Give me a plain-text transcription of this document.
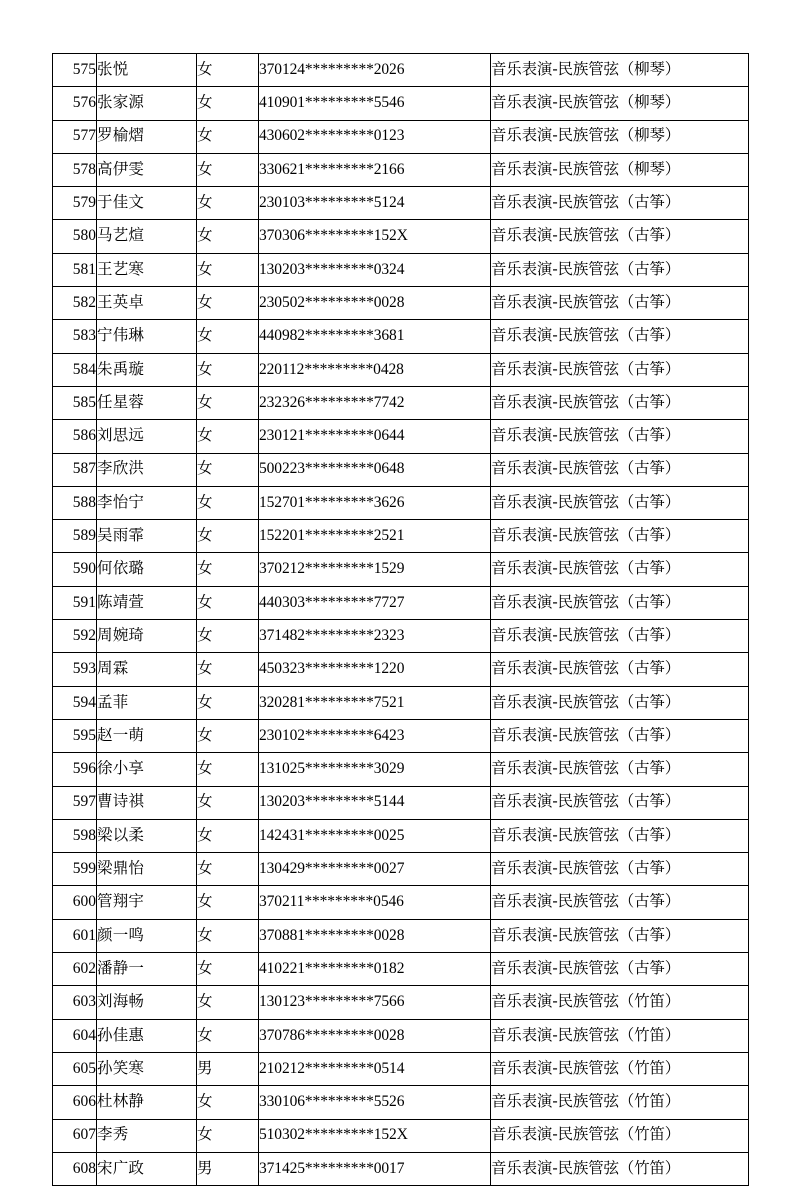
575	张悦	女	370124*********2026	音乐表演-民族管弦（柳琴）
576	张家源	女	410901*********5546	音乐表演-民族管弦（柳琴）
577	罗榆熠	女	430602*********0123	音乐表演-民族管弦（柳琴）
578	高伊雯	女	330621*********2166	音乐表演-民族管弦（柳琴）
579	于佳文	女	230103*********5124	音乐表演-民族管弦（古筝）
580	马艺煊	女	370306*********152X	音乐表演-民族管弦（古筝）
581	王艺寒	女	130203*********0324	音乐表演-民族管弦（古筝）
582	王英卓	女	230502*********0028	音乐表演-民族管弦（古筝）
583	宁伟琳	女	440982*********3681	音乐表演-民族管弦（古筝）
584	朱禹璇	女	220112*********0428	音乐表演-民族管弦（古筝）
585	任星蓉	女	232326*********7742	音乐表演-民族管弦（古筝）
586	刘思远	女	230121*********0644	音乐表演-民族管弦（古筝）
587	李欣洪	女	500223*********0648	音乐表演-民族管弦（古筝）
588	李怡宁	女	152701*********3626	音乐表演-民族管弦（古筝）
589	吴雨霏	女	152201*********2521	音乐表演-民族管弦（古筝）
590	何依璐	女	370212*********1529	音乐表演-民族管弦（古筝）
591	陈靖萱	女	440303*********7727	音乐表演-民族管弦（古筝）
592	周婉琦	女	371482*********2323	音乐表演-民族管弦（古筝）
593	周霖	女	450323*********1220	音乐表演-民族管弦（古筝）
594	孟菲	女	320281*********7521	音乐表演-民族管弦（古筝）
595	赵一萌	女	230102*********6423	音乐表演-民族管弦（古筝）
596	徐小享	女	131025*********3029	音乐表演-民族管弦（古筝）
597	曹诗祺	女	130203*********5144	音乐表演-民族管弦（古筝）
598	梁以柔	女	142431*********0025	音乐表演-民族管弦（古筝）
599	梁鼎怡	女	130429*********0027	音乐表演-民族管弦（古筝）
600	管翔宇	女	370211*********0546	音乐表演-民族管弦（古筝）
601	颜一鸣	女	370881*********0028	音乐表演-民族管弦（古筝）
602	潘静一	女	410221*********0182	音乐表演-民族管弦（古筝）
603	刘海畅	女	130123*********7566	音乐表演-民族管弦（竹笛）
604	孙佳惠	女	370786*********0028	音乐表演-民族管弦（竹笛）
605	孙笑寒	男	210212*********0514	音乐表演-民族管弦（竹笛）
606	杜林静	女	330106*********5526	音乐表演-民族管弦（竹笛）
607	李秀	女	510302*********152X	音乐表演-民族管弦（竹笛）
608	宋广政	男	371425*********0017	音乐表演-民族管弦（竹笛）
